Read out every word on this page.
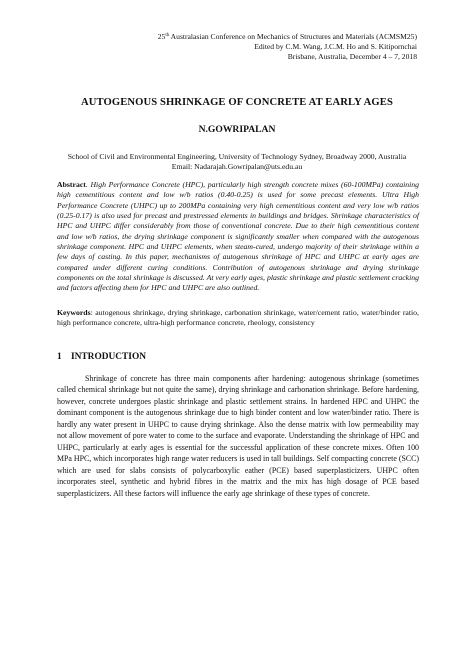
25th Australasian Conference on Mechanics of Structures and Materials (ACMSM25)
Edited by C.M. Wang, J.C.M. Ho and S. Kitipornchai
Brisbane, Australia, December 4 – 7, 2018
AUTOGENOUS SHRINKAGE OF CONCRETE AT EARLY AGES
N.GOWRIPALAN
School of Civil and Environmental Engineering, University of Technology Sydney, Broadway 2000, Australia
Email: Nadarajah.Gowripalan@uts.edu.au
Abstract. High Performance Concrete (HPC), particularly high strength concrete mixes (60-100MPa) containing high cementitious content and low w/b ratios (0.40-0.25) is used for some precast elements. Ultra High Performance Concrete (UHPC) up to 200MPa containing very high cementitious content and very low w/b ratios (0.25-0.17) is also used for precast and prestressed elements in buildings and bridges. Shrinkage characteristics of HPC and UHPC differ considerably from those of conventional concrete. Due to their high cementitious content and low w/b ratios, the drying shrinkage component is significantly smaller when compared with the autogenous shrinkage component. HPC and UHPC elements, when steam-cured, undergo majority of their shrinkage within a few days of casting. In this paper, mechanisms of autogenous shrinkage of HPC and UHPC at early ages are compared under different curing conditions. Contribution of autogenous shrinkage and drying shrinkage components on the total shrinkage is discussed. At very early ages, plastic shrinkage and plastic settlement cracking and factors affecting them for HPC and UHPC are also outlined.
Keywords: autogenous shrinkage, drying shrinkage, carbonation shrinkage, water/cement ratio, water/binder ratio, high performance concrete, ultra-high performance concrete, rheology, consistency
1 INTRODUCTION
Shrinkage of concrete has three main components after hardening: autogenous shrinkage (sometimes called chemical shrinkage but not quite the same), drying shrinkage and carbonation shrinkage. Before hardening, however, concrete undergoes plastic shrinkage and plastic settlement strains. In hardened HPC and UHPC the dominant component is the autogenous shrinkage due to high binder content and low water/binder ratio. There is hardly any water present in UHPC to cause drying shrinkage. Also the dense matrix with low permeability may not allow movement of pore water to come to the surface and evaporate. Understanding the shrinkage of HPC and UHPC, particularly at early ages is essential for the successful application of these concrete mixes. Often 100 MPa HPC, which incorporates high range water reducers is used in tall buildings. Self compacting concrete (SCC) which are used for slabs consists of polycarboxylic eather (PCE) based superplasticizers. UHPC often incorporates steel, synthetic and hybrid fibres in the matrix and the mix has high dosage of PCE based superplasticizers. All these factors will influence the early age shrinkage of these types of concrete.
